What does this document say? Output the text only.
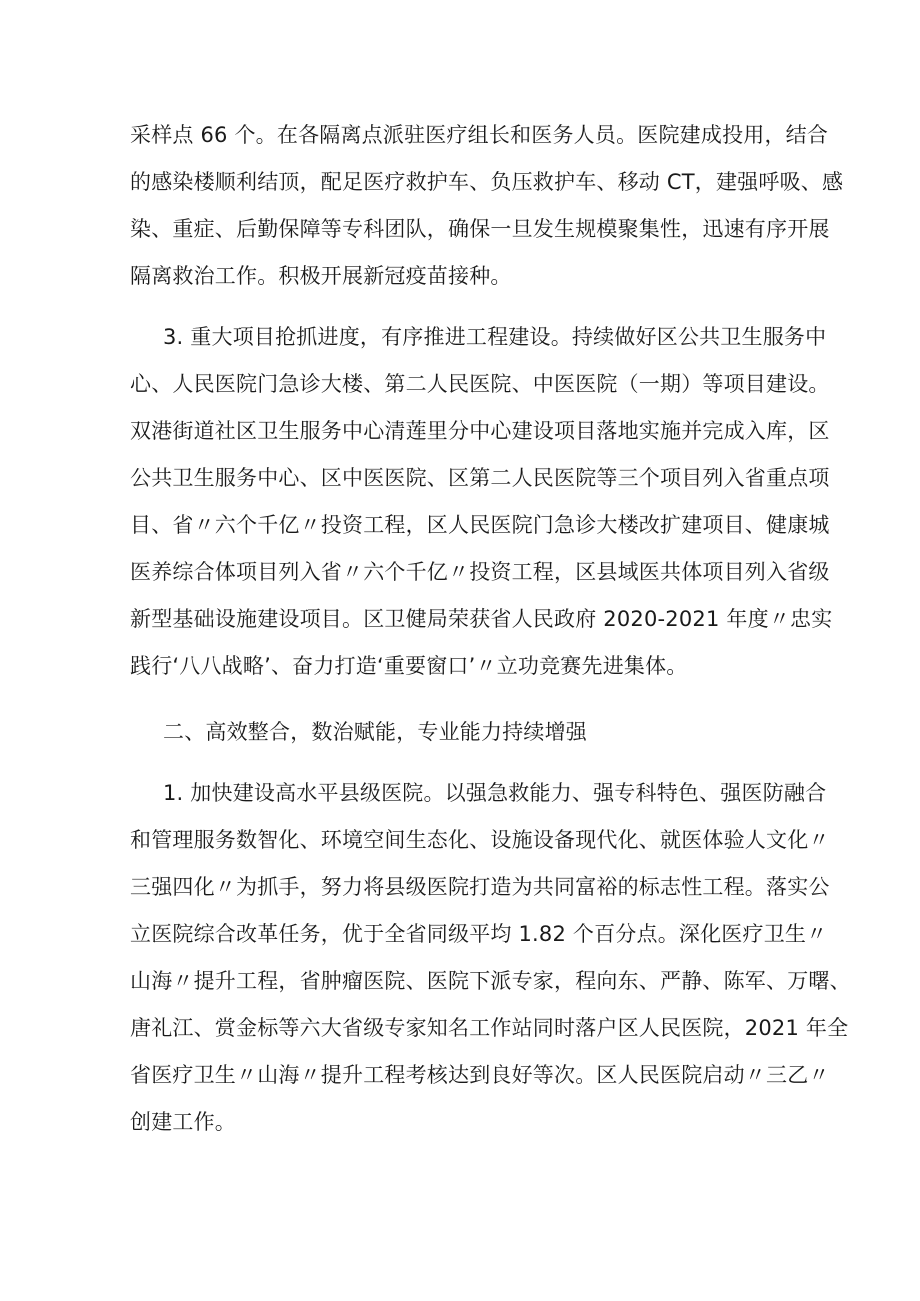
采样点 66 个。在各隔离点派驻医疗组长和医务人员。医院建成投用，结合
的感染楼顺利结顶，配足医疗救护车、负压救护车、移动 CT，建强呼吸、感
染、重症、后勤保障等专科团队，确保一旦发生规模聚集性，迅速有序开展
隔离救治工作。积极开展新冠疫苗接种。
3. 重大项目抢抓进度，有序推进工程建设。持续做好区公共卫生服务中
心、人民医院门急诊大楼、第二人民医院、中医医院（一期）等项目建设。
双港街道社区卫生服务中心清莲里分中心建设项目落地实施并完成入库，区
公共卫生服务中心、区中医医院、区第二人民医院等三个项目列入省重点项
目、省〃六个千亿〃投资工程，区人民医院门急诊大楼改扩建项目、健康城
医养综合体项目列入省〃六个千亿〃投资工程，区县域医共体项目列入省级
新型基础设施建设项目。区卫健局荣获省人民政府 2020-2021 年度〃忠实
践行‘八八战略’、奋力打造‘重要窗口’〃立功竞赛先进集体。
二、高效整合，数治赋能，专业能力持续增强
1. 加快建设高水平县级医院。以强急救能力、强专科特色、强医防融合
和管理服务数智化、环境空间生态化、设施设备现代化、就医体验人文化〃
三强四化〃为抓手，努力将县级医院打造为共同富裕的标志性工程。落实公
立医院综合改革任务，优于全省同级平均 1.82 个百分点。深化医疗卫生〃
山海〃提升工程，省肿瘤医院、医院下派专家，程向东、严静、陈军、万曙、
唐礼江、赏金标等六大省级专家知名工作站同时落户区人民医院，2021 年全
省医疗卫生〃山海〃提升工程考核达到良好等次。区人民医院启动〃三乙〃
创建工作。
